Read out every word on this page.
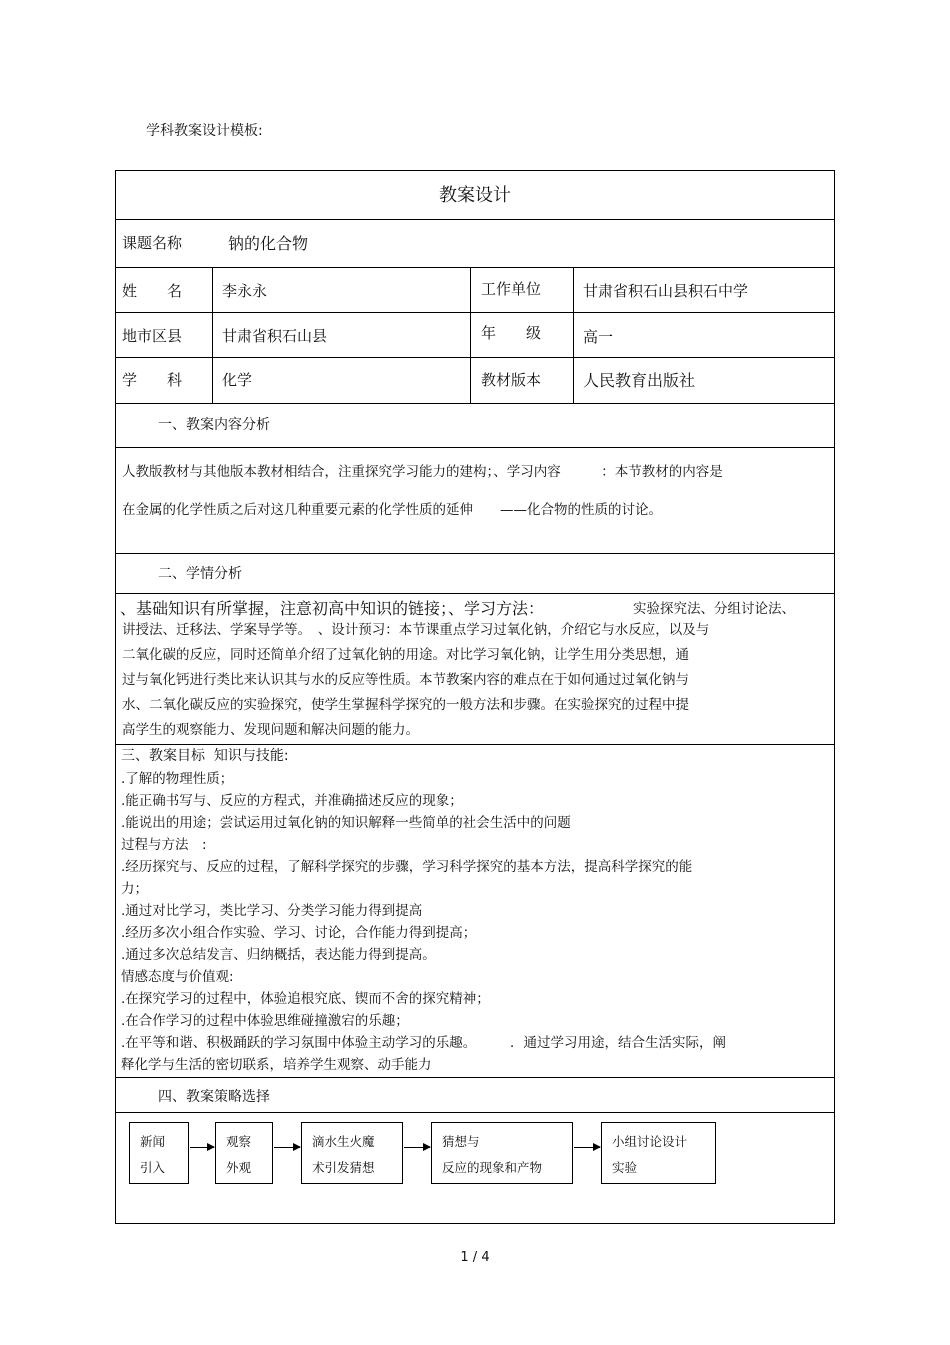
学科教案设计模板:
教案设计
课题名称	钠的化合物
姓　　名	李永永	工作单位	甘肃省积石山县积石中学
地市区县	甘肃省积石山县	年　　级	高一
学　　科	化学	教材版本	人民教育出版社
一、教案内容分析
人教版教材与其他版本教材相结合，注重探究学习能力的建构；、学习内容　　　：本节教材的内容是
在金属的化学性质之后对这几种重要元素的化学性质的延伸　　——化合物的性质的讨论。
二、学情分析
、基础知识有所掌握，注意初高中知识的链接；、学习方法：	实验探究法、分组讨论法、
讲授法、迁移法、学案导学等。　、设计预习：本节课重点学习过氧化钠，介绍它与水反应，以及与
二氧化碳的反应，同时还简单介绍了过氧化钠的用途。对比学习氧化钠，让学生用分类思想，通
过与氧化钙进行类比来认识其与水的反应等性质。本节教案内容的难点在于如何通过过氧化钠与
水、二氧化碳反应的实验探究，使学生掌握科学探究的一般方法和步骤。在实验探究的过程中提
高学生的观察能力、发现问题和解决问题的能力。
三、教案目标 知识与技能:
.了解的物理性质；
.能正确书写与、反应的方程式，并准确描述反应的现象；
.能说出的用途；尝试运用过氧化钠的知识解释一些简单的社会生活中的问题
过程与方法　:
.经历探究与、反应的过程，了解科学探究的步骤，学习科学探究的基本方法，提高科学探究的能
力；
.通过对比学习，类比学习、分类学习能力得到提高
.经历多次小组合作实验、学习、讨论，合作能力得到提高；
.通过多次总结发言、归纳概括，表达能力得到提高。
情感态度与价值观:
.在探究学习的过程中，体验追根究底、锲而不舍的探究精神；
.在合作学习的过程中体验思维碰撞激宕的乐趣；
.在平等和谐、积极踊跃的学习氛围中体验主动学习的乐趣。　　　．通过学习用途，结合生活实际，阐
释化学与生活的密切联系，培养学生观察、动手能力
四、教案策略选择
新闻
引入
观察
外观
滴水生火魔
术引发猜想
猜想与
反应的现象和产物
小组讨论设计
实验
1 / 4
